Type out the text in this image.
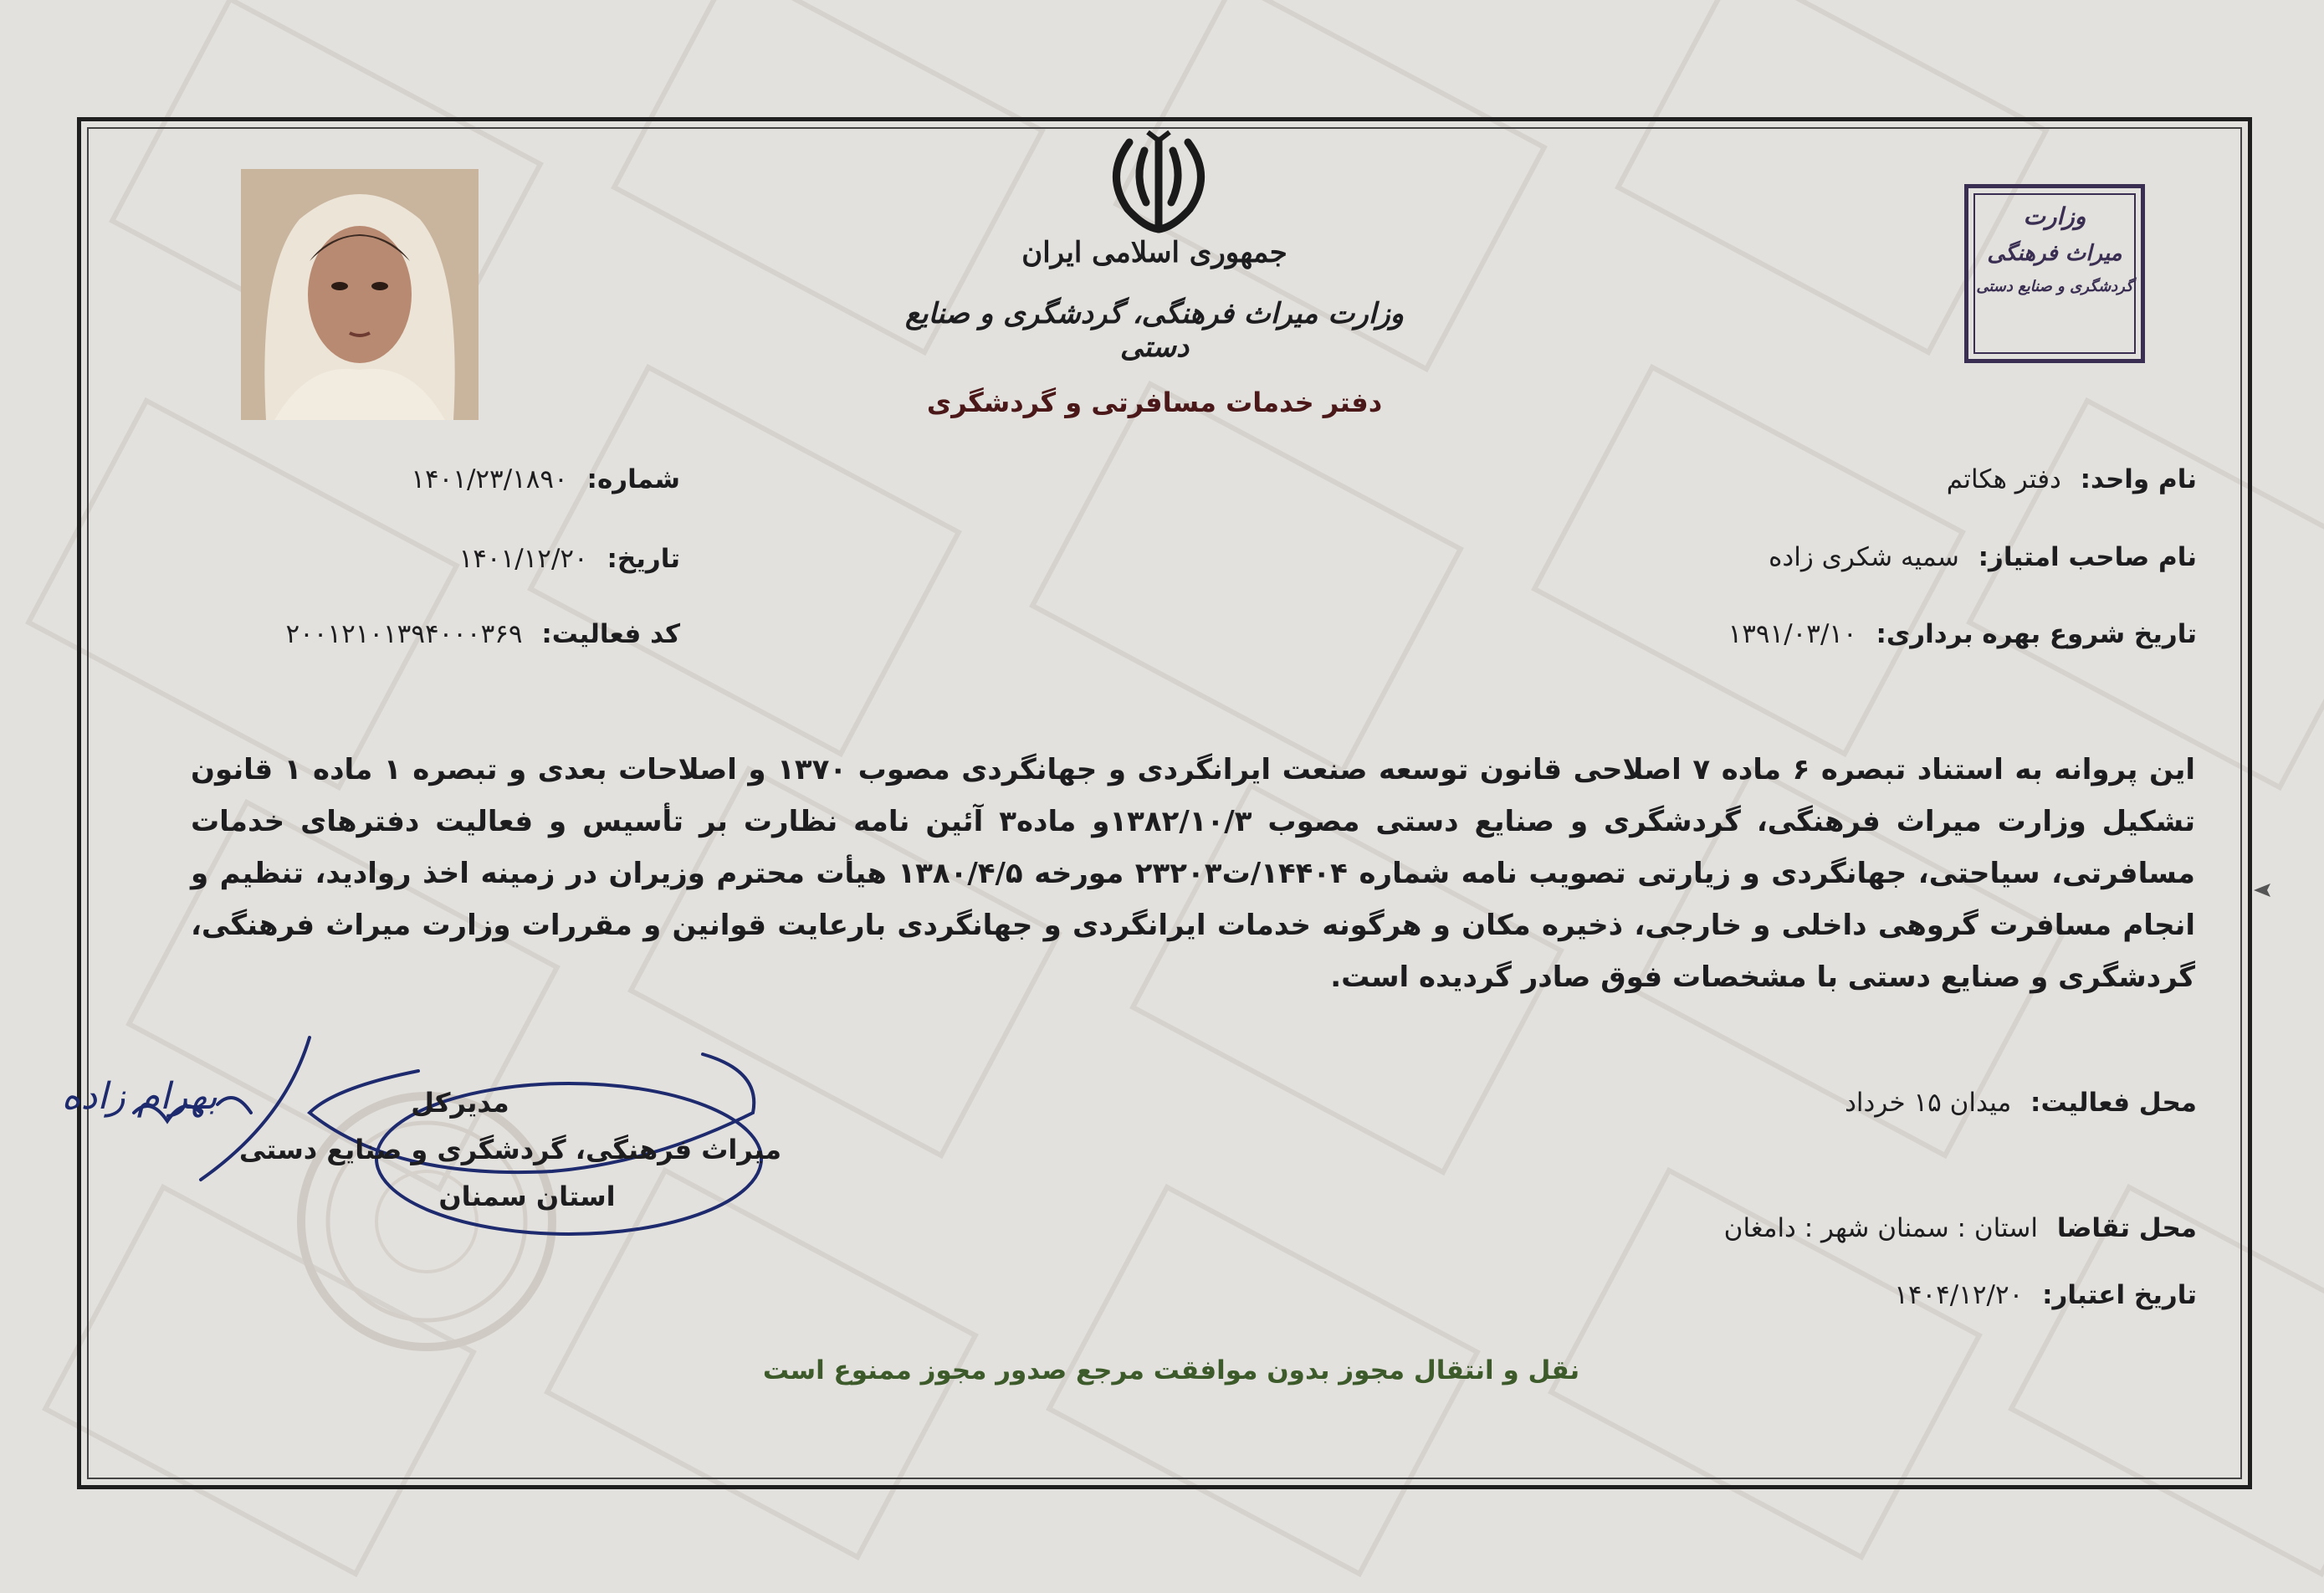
جمهوری اسلامی ایران
وزارت میراث فرهنگی، گردشگری و صنایع دستی
دفتر خدمات مسافرتی و گردشگری
وزارت
میراث فرهنگی
گردشگری و صنایع دستی
شماره: ۱۴۰۱/۲۳/۱۸۹۰
تاریخ: ۱۴۰۱/۱۲/۲۰
کد فعالیت: ۲۰۰۱۲۱۰۱۳۹۴۰۰۰۳۶۹
نام واحد: دفتر هکاتم
نام صاحب امتیاز: سمیه شکری زاده
تاریخ شروع بهره برداری: ۱۳۹۱/۰۳/۱۰
این پروانه به استناد تبصره ۶ ماده ۷ اصلاحی قانون توسعه صنعت ایرانگردی و جهانگردی مصوب ۱۳۷۰ و اصلاحات بعدی و تبصره ۱ ماده ۱ قانون تشکیل وزارت میراث فرهنگی، گردشگری و صنایع دستی مصوب ۱۳۸۲/۱۰/۳و ماده۳ آئین نامه نظارت بر تأسیس و فعالیت دفترهای خدمات مسافرتی، سیاحتی، جهانگردی و زیارتی تصویب نامه شماره ۱۴۴۰۴/ت۲۳۲۰۳ مورخه ۱۳۸۰/۴/۵ هیأت محترم وزیران در زمینه اخذ روادید، تنظیم و انجام مسافرت گروهی داخلی و خارجی، ذخیره مکان و هرگونه خدمات ایرانگردی و جهانگردی بارعایت قوانین و مقررات وزارت میراث فرهنگی، گردشگری و صنایع دستی با مشخصات فوق صادر گردیده است.
محل فعالیت: میدان ۱۵ خرداد
محل تقاضا استان : سمنان شهر : دامغان
تاریخ اعتبار: ۱۴۰۴/۱۲/۲۰
بهرام زاده	مدیرکل
میراث فرهنگی، گردشگری و صنایع دستی
استان سمنان
نقل و انتقال مجوز بدون موافقت مرجع صدور مجوز ممنوع است
